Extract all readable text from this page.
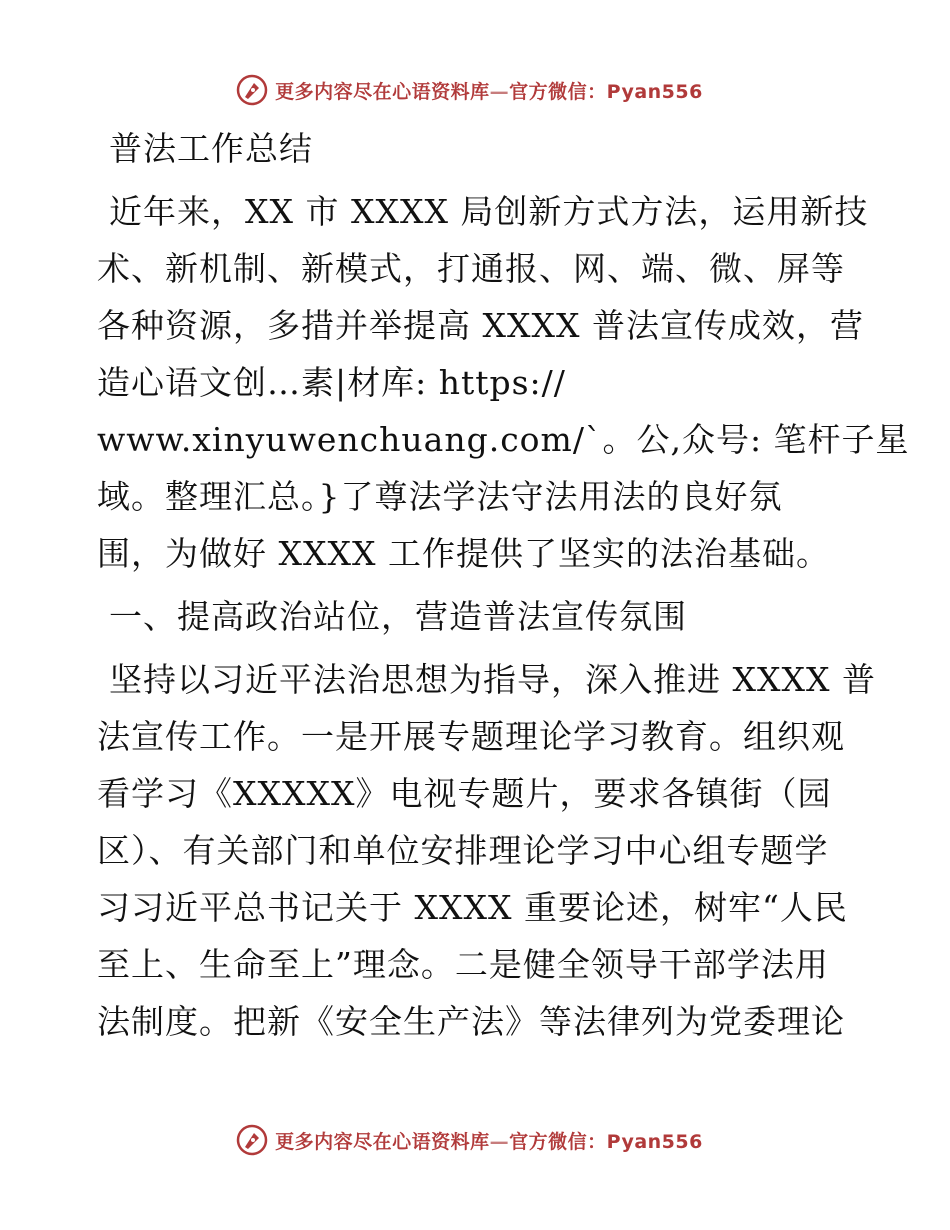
更多内容尽在心语资料库—官方微信：Pyan556
普法工作总结
近年来，XX 市 XXXX 局创新方式方法，运用新技
术、新机制、新模式，打通报、网、端、微、屏等
各种资源，多措并举提高 XXXX 普法宣传成效，营
造心语文创…素|材库: https://
www.xinyuwenchuang.com/`。公,众号: 笔杆子星
域。整理汇总。}了尊法学法守法用法的良好氛
围，为做好 XXXX 工作提供了坚实的法治基础。
一、提高政治站位，营造普法宣传氛围
坚持以习近平法治思想为指导，深入推进 XXXX 普
法宣传工作。一是开展专题理论学习教育。组织观
看学习《XXXXX》电视专题片，要求各镇街（园
区）、有关部门和单位安排理论学习中心组专题学
习习近平总书记关于 XXXX 重要论述，树牢“人民
至上、生命至上”理念。二是健全领导干部学法用
法制度。把新《安全生产法》等法律列为党委理论
更多内容尽在心语资料库—官方微信：Pyan556
